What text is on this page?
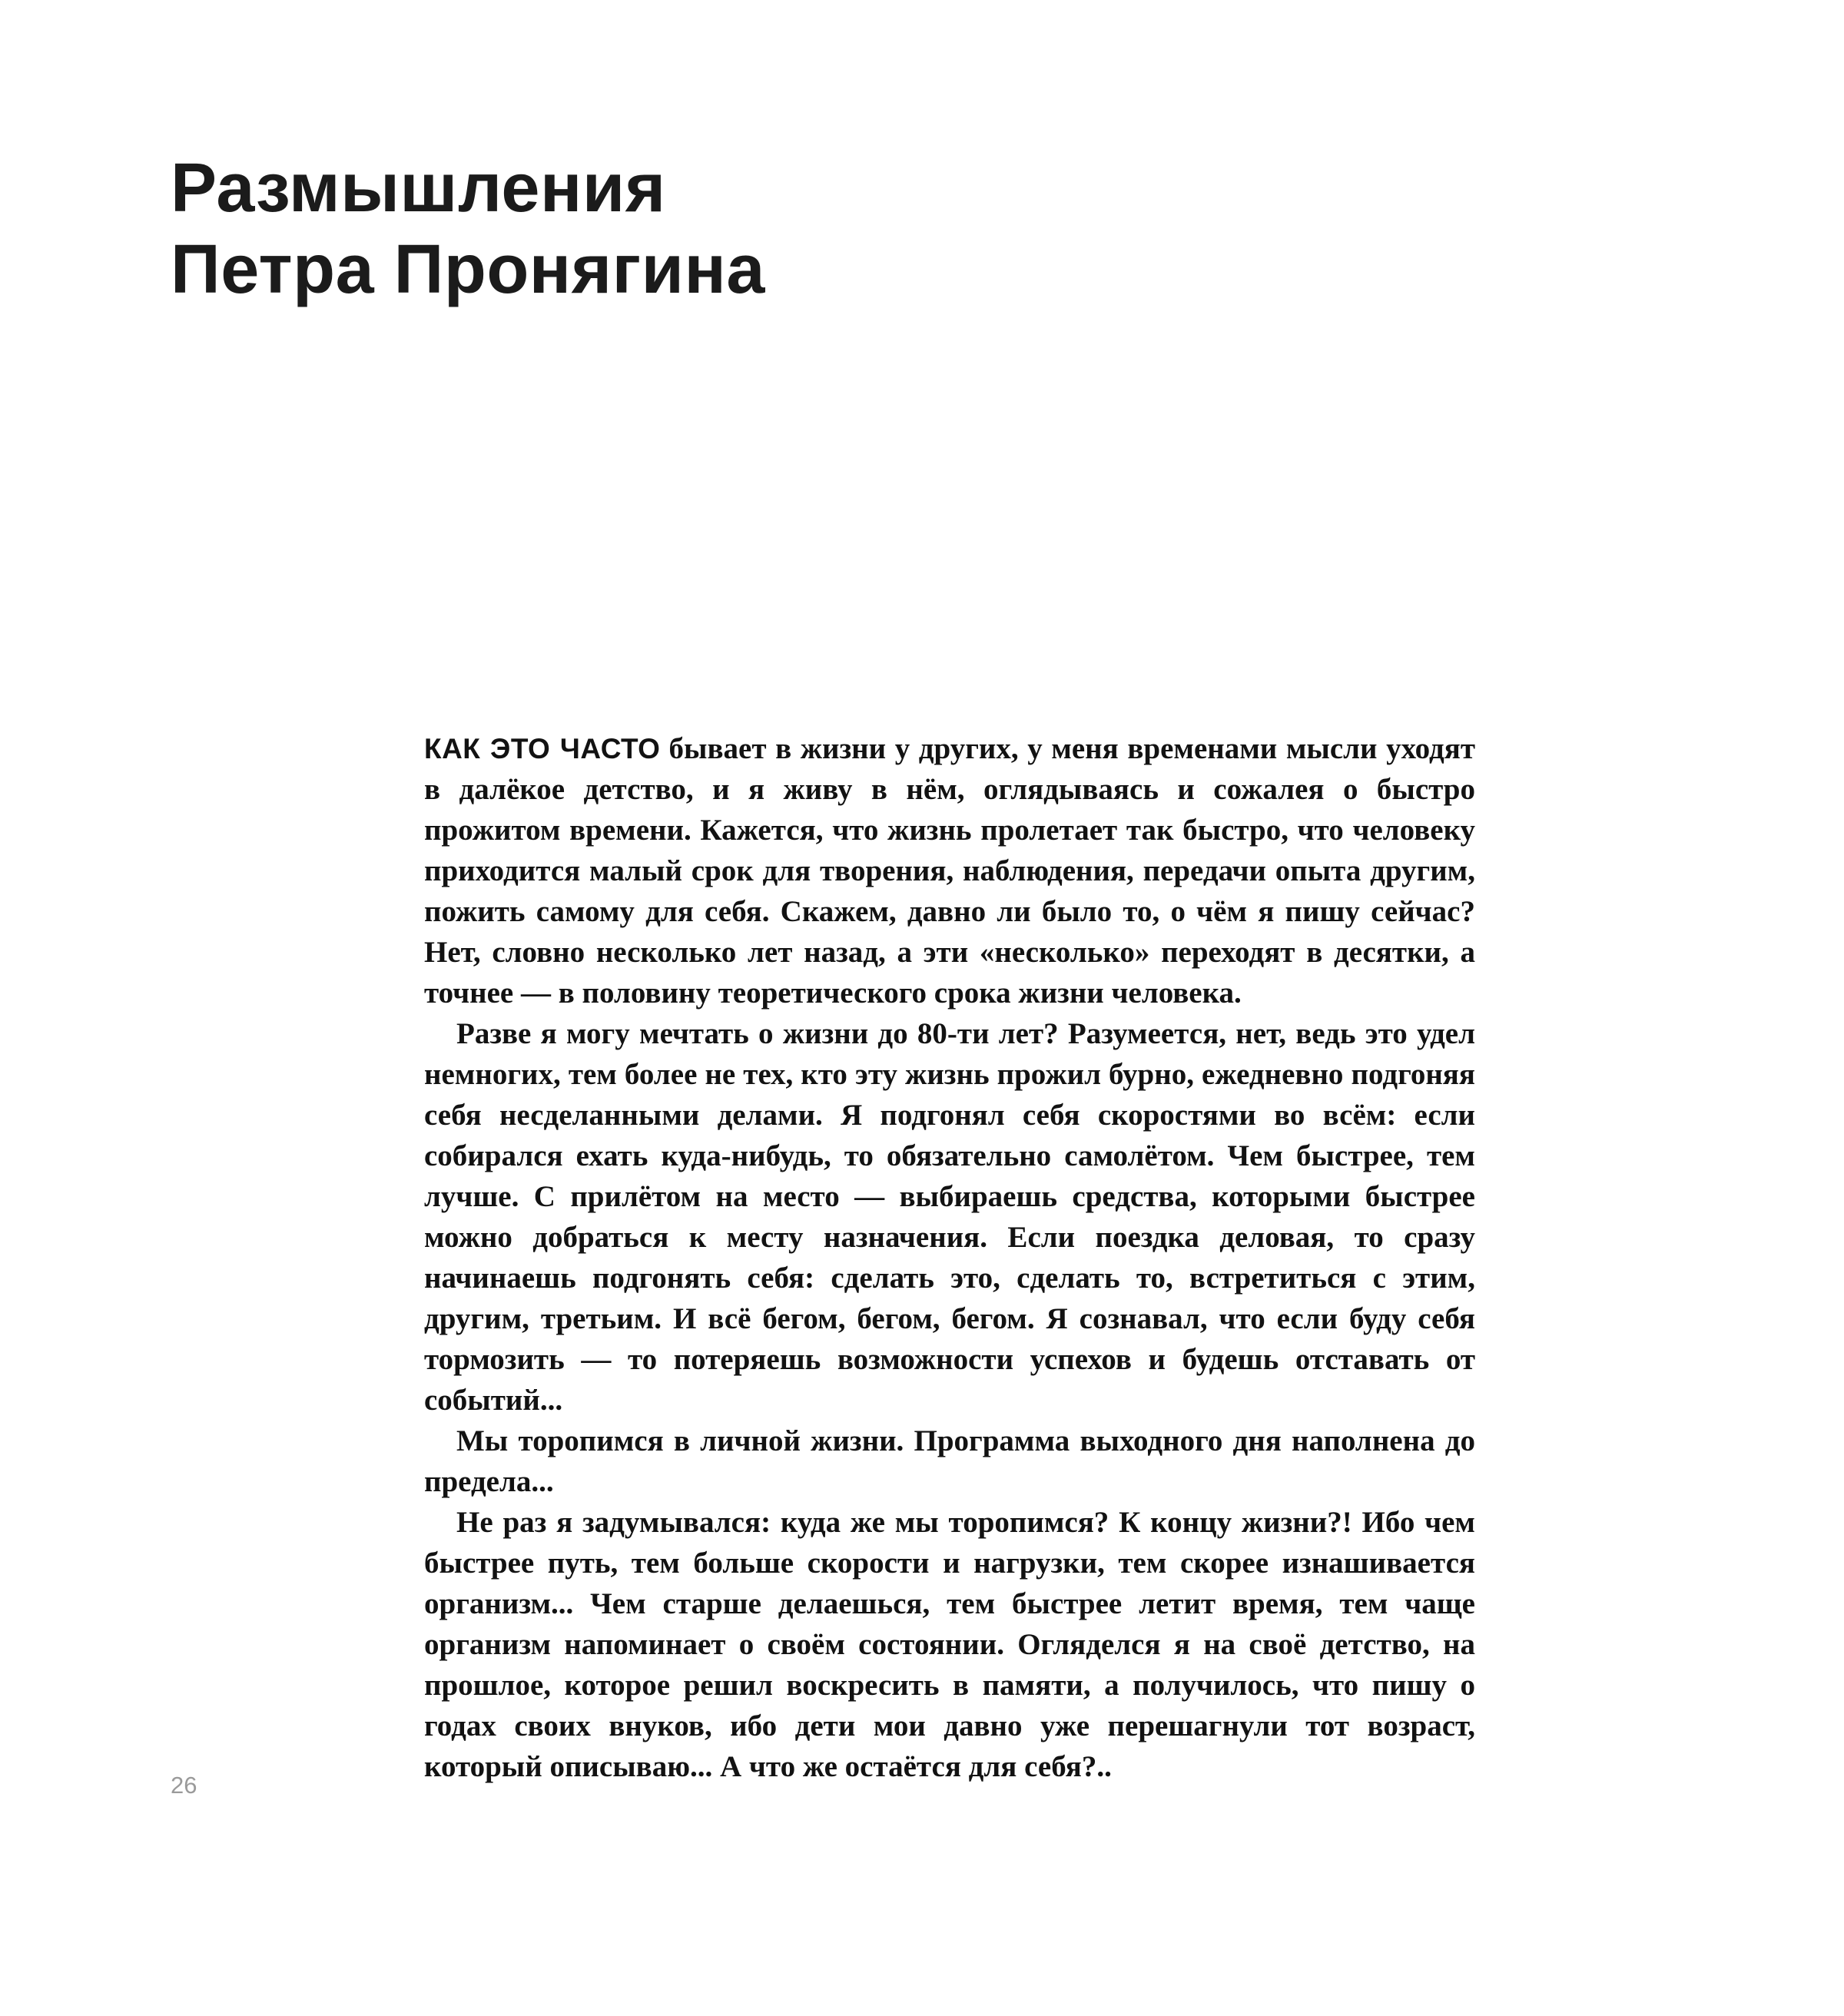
Размышления
Петра Пронягина

КАК ЭТО ЧАСТО бывает в жизни у других, у меня временами мысли уходят в далёкое детство, и я живу в нём, оглядываясь и сожалея о быстро прожитом времени. Кажется, что жизнь пролетает так быстро, что человеку приходится малый срок для творения, наблюдения, передачи опыта другим, пожить самому для себя. Скажем, давно ли было то, о чём я пишу сейчас? Нет, словно несколько лет назад, а эти «несколько» переходят в десятки, а точнее — в половину теоретического срока жизни человека.

Разве я могу мечтать о жизни до 80-ти лет? Разумеется, нет, ведь это удел немногих, тем более не тех, кто эту жизнь прожил бурно, ежедневно подгоняя себя несделанными делами. Я подгонял себя скоростями во всём: если собирался ехать куда-нибудь, то обязательно самолётом. Чем быстрее, тем лучше. С прилётом на место — выбираешь средства, которыми быстрее можно добраться к месту назначения. Если поездка деловая, то сразу начинаешь подгонять себя: сделать это, сделать то, встретиться с этим, другим, третьим. И всё бегом, бегом, бегом. Я сознавал, что если буду себя тормозить — то потеряешь возможности успехов и будешь отставать от событий...

Мы торопимся в личной жизни. Программа выходного дня наполнена до предела...

Не раз я задумывался: куда же мы торопимся? К концу жизни?! Ибо чем быстрее путь, тем больше скорости и нагрузки, тем скорее изнашивается организм... Чем старше делаешься, тем быстрее летит время, тем чаще организм напоминает о своём состоянии. Огляделся я на своё детство, на прошлое, которое решил воскресить в памяти, а получилось, что пишу о годах своих внуков, ибо дети мои давно уже перешагнули тот возраст, который описываю... А что же остаётся для себя?..

26
